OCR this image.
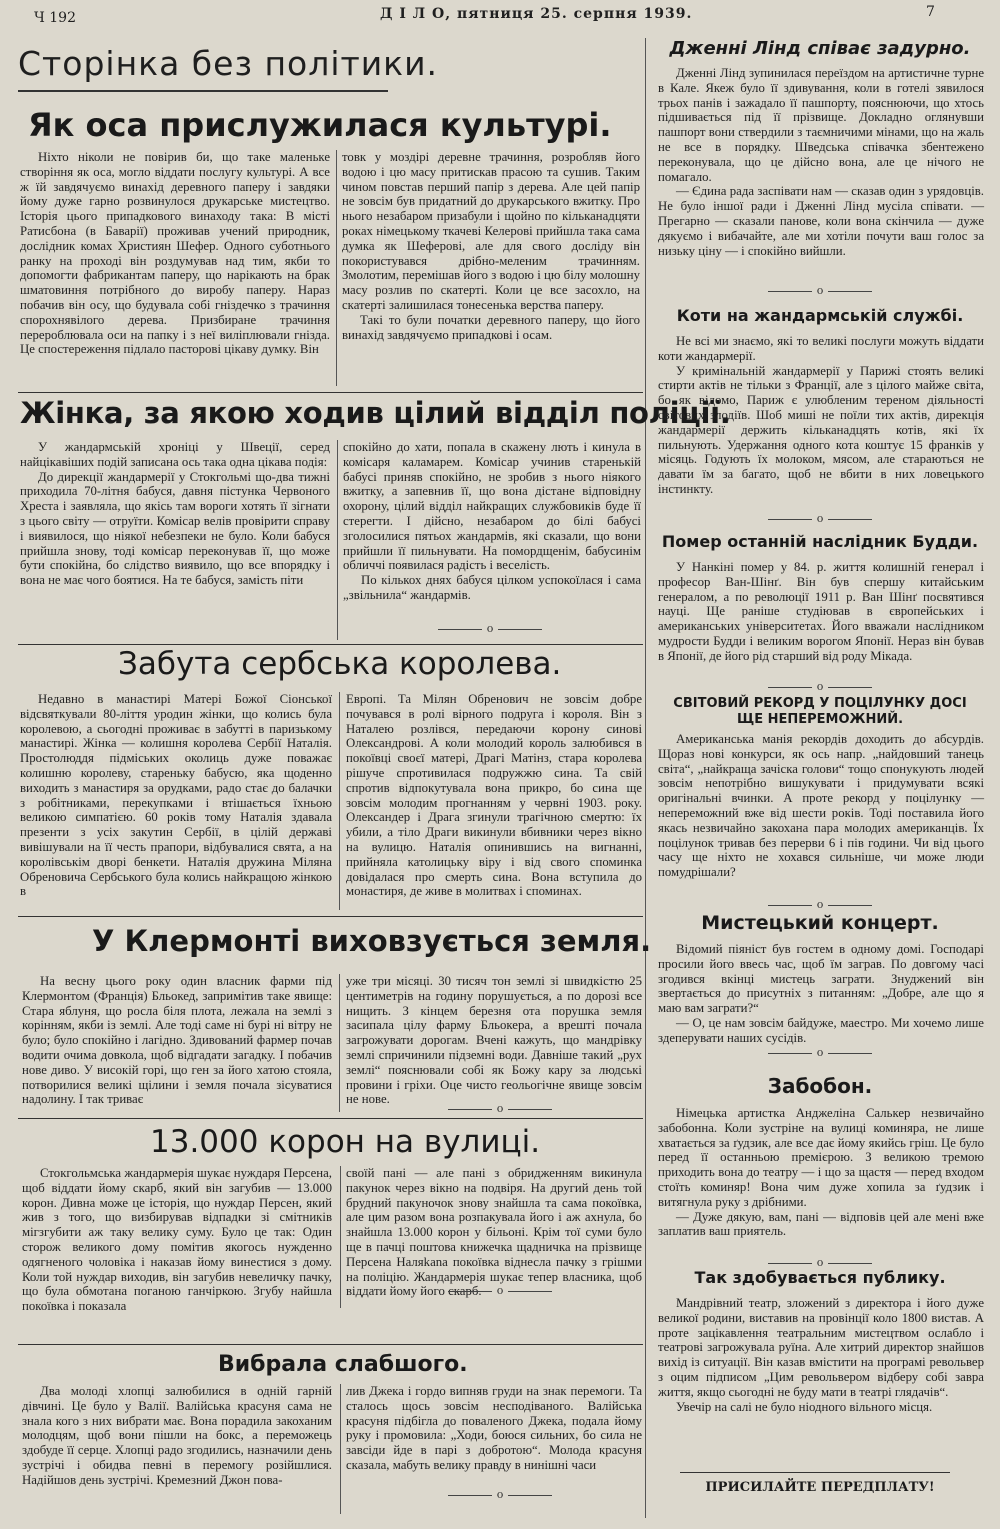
Ч 192	Д І Л О, пятниця 25. серпня 1939.	7
Сторінка без політики.
Як оса прислужилася культурі.

Ніхто ніколи не повірив би, що таке маленьке створіння як оса, могло віддати послугу культурі. А все ж їй завдячуємо винахід деревного паперу і завдяки йому дуже гарно розвинулося друкарське мистецтво. Історія цього припадкового винаходу така: В місті Ратисбона (в Баварії) проживав учений природник, дослідник комах Християн Шефер. Одного суботнього ранку на проході він роздумував над тим, якби то допомогти фабрикантам паперу, що нарікають на брак шматовиння потрібного до виробу паперу. Нараз побачив він осу, що будувала собі гніздечко з трачиння спорохнявілого дерева. Призбиране трачиння перероблювала оси на папку і з неї виліплювали гнізда. Це спостереження підлало пасторові цікаву думку. Він

товк у моздірі деревне трачиння, розробляв його водою і цю масу притискав прасою та сушив. Таким чином повстав перший папір з дерева. Але цей папір не зовсім був придатний до друкарського вжитку. Про нього незабаром призабули і щойно по кільканадцяти роках німецькому ткачеві Келерові прийшла така сама думка як Шеферові, але для свого досліду він покористувався дрібно-меленим трачинням. Змолотим, перемішав його з водою і цю білу молошну масу розлив по скатерті. Коли це все засохло, на скатерті залишилася тонесенька верства паперу.

Такі то були початки деревного паперу, що його винахід завдячуємо припадкові і осам.

Жінка, за якою ходив цілий відділ поліції.

У жандармській хроніці у Швеції, серед найцікавіших подій записана ось така одна цікава подія:

До дирекції жандармерії у Стокгольмі що-два тижні приходила 70-літня бабуся, давня пістунка Червоного Хреста і заявляла, що якісь там вороги хотять її зігнати з цього світу — отруїти. Комісар велів провірити справу і виявилося, що ніякої небезпеки не було. Коли бабуся прийшла знову, тоді комісар переконував її, що може бути спокійна, бо слідство виявило, що все впорядку і вона не має чого боятися. На те бабуся, замість піти

спокійно до хати, попала в скажену лють і кинула в комісаря каламарем. Комісар учинив старенькій бабусі приняв спокійно, не зробив з нього ніякого вжитку, а запевнив її, що вона дістане відповідну охорону, цілий відділ найкращих службовиків буде її стерегти. І дійсно, незабаром до білі бабусі зголосилися пятьох жандармів, які сказали, що вони прийшли її пильнувати. На помордщенім, бабусинім обличчі появилася радість і веселість.

По кількох днях бабуся цілком успокоїлася і сама „звільнила“ жандармів.

o
Забута сербська королева.

Недавно в манастирі Матері Божої Сіонської відсвяткували 80-ліття уродин жінки, що колись була королевою, а сьогодні проживає в забутті в паризькому манастирі. Жінка — колишня королева Сербії Наталія. Простолюддя підміських околиць дуже поважає колишню королеву, стареньку бабусю, яка щоденно виходить з манастиря за орудками, радо стає до балачки з робітниками, перекупками і втішається їхньою великою симпатією. 60 років тому Наталія здавала презенти з усіх закутин Сербії, в цілій державі вивішували на її честь прапори, відбувалися свята, а на королівськім дворі бенкети. Наталія дружина Міляна Обреновича Сербського була колись найкращою жінкою в

Европі. Та Мілян Обренович не зовсім добре почувався в ролі вірного подруга і короля. Він з Наталею розлівся, передаючи корону синові Олександрові. А коли молодий король залюбився в покоївці своєї матері, Драгі Матінз, стара королева рішуче спротивилася подружжю сина. Та свій спротив відпокутувала вона прикро, бо сина ще зовсім молодим прогнанням у червні 1903. року. Олександер і Драга згинули трагічною смертю: їх убили, а тіло Драги викинули вбивники через вікно на вулицю. Наталія опинившись на вигнанні, прийняла католицьку віру і від свого споминка довідалася про смерть сина. Вона вступила до монастиря, де живе в молитвах і споминах.

У Клермонті виховзується земля.

На весну цього року один власник фарми під Клермонтом (Франція) Бльокед, запримітив таке явище: Стара яблуня, що росла біля плота, лежала на землі з корінням, якби із землі. Але тоді саме ні бурі ні вітру не було; було спокійно і лагідно. Здивований фармер почав водити очима довкола, щоб відгадати загадку. І побачив нове диво. У високій горі, що ген за його хатою стояла, потворилися великі щілини і земля почала зісуватися надолину. І так триває

уже три місяці. 30 тисяч тон землі зі швидкістю 25 центиметрів на годину порушується, а по дорозі все нищить. З кінцем березня ота порушка земля засипала цілу фарму Бльокера, а врешті почала загрожувати дорогам. Вчені кажуть, що мандрівку землі спричинили підземні води. Давніше такий „рух землі“ пояснювали собі як Божу кару за людські провини і гріхи. Оце чисто геольогічне явище зовсім не нове.

o
13.000 корон на вулиці.

Стокгольмська жандармерія шукає нуждаря Персена, щоб віддати йому скарб, який він загубив — 13.000 корон. Дивна може це історія, що нуждар Персен, який жив з того, що визбирував відпадки зі смітників мігзгубити аж таку велику суму. Було це так: Один сторож великого дому помітив якогось нужденно одягненого чоловіка і наказав йому винестися з дому. Коли той нуждар виходив, він загубив невеличку пачку, що була обмотана поганою ганчіркою. Згубу найшла покоївка і показала

своїй пані — але пані з обридженням викинула пакунок через вікно на подвіря. На другий день той брудний пакуночок знову знайшла та сама покоївка, але цим разом вона розпакувала його і аж ахнула, бо знайшла 13.000 корон у більоні. Крім тої суми було ще в пачці поштова книжечка щадничка на прізвище Персена Наляkana покоївка віднесла пачку з грішми на поліцію. Жандармерія шукає тепер власника, щоб віддати йому його скарб.	o
Вибрала слабшого.

Два молоді хлопці залюбилися в одній гарній дівчині. Це було у Валії. Валійська красуня сама не знала кого з них вибрати має. Вона порадила закоханим молодцям, щоб вони пішли на бокс, а переможець здобуде її серце. Хлопці радо згодились, назначили день зустрічі і обидва певні в перемогу розійшлися. Надійшов день зустрічі. Кремезний Джон пова-

лив Джека і гордо випняв груди на знак перемоги. Та сталось щось зовсім несподіваного. Валійська красуня підбігла до поваленого Джека, подала йому руку і промовила: „Ходи, боюся сильних, бо сила не завсіди йде в парі з добротою“. Молода красуня сказала, мабуть велику правду в нинішні часи

o
Дженні Лінд співає задурно.

Дженні Лінд зупинилася переїздом на артистичне турне в Кале. Якеж було її здивування, коли в готелі зявилося трьох панів і зажадало її пашпорту, пояснюючи, що хтось підшивається під її прізвище. Докладно оглянувши пашпорт вони ствердили з таємничими мінами, що на жаль не все в порядку. Шведська співачка збентежено переконувала, що це дійсно вона, але це нічого не помагало.

— Єдина рада заспівати нам — сказав один з урядовців. Не було іншої ради і Дженні Лінд мусіла співати. — Прегарно — сказали панове, коли вона скінчила — дуже дякуємо і вибачайте, але ми хотіли почути ваш голос за низьку ціну — і спокійно вийшли.

o
Коти на жандармській службі.

Не всі ми знаємо, які то великі послуги можуть віддати коти жандармерії.

У кримінальній жандармерії у Парижі стоять великі стирти актів не тільки з Франції, але з цілого майже світа, бо як відомо, Париж є улюбленим тереном діяльності світових злодіїв. Шоб миші не поїли тих актів, дирекція жандармерії держить кільканадцять котів, які їх пильнують. Удержання одного кота коштує 15 франків у місяць. Годують їх молоком, мясом, але стараються не давати їм за багато, щоб не вбити в них ловецького інстинкту.

o
Помер останній наслідник Будди.

У Нанкіні помер у 84. р. життя колишній генерал і професор Ван-Шінґ. Він був спершу китайським генералом, а по революції 1911 р. Ван Шінґ посвятився науці. Ще раніше студіював в європейських і американських університетах. Його вважали наслідником мудрости Будди і великим ворогом Японії. Нераз він бував в Японії, де його рід старший від роду Мікада.

o
СВІТОВИЙ РЕКОРД У ПОЦІЛУНКУ ДОСІ ЩЕ НЕПЕРЕМОЖНИЙ.

Американська манія рекордів доходить до абсурдів. Щораз нові конкурси, як ось напр. „найдовший танець світа“, „найкраща зачіска голови“ тощо спонукують людей зовсім непотрібно вишукувати і придумувати всякі оригінальні вчинки. А проте рекорд у поцілунку — непереможний вже від шести років. Тоді поставила його якась незвичайно закохана пара молодих американців. Їх поцілунок тривав без перерви 6 і пів години. Чи від цього часу ще ніхто не хохався сильніше, чи може люди помудрішали?

o
Мистецький концерт.

Відомий піяніст був гостем в одному домі. Господарі просили його ввесь час, щоб їм заграв. По довгому часі згодився вкінці мистець заграти. Знуджений він звертається до присутніх з питанням: „Добре, але що я маю вам заграти?“

— О, це нам зовсім байдуже, маестро. Ми хочемо лише здеперувати наших сусідів.

o
Забобон.

Німецька артистка Анджеліна Салькер незвичайно забобонна. Коли зустріне на вулиці коминяра, не лише хватається за ґудзик, але все дає йому якийсь гріш. Це було перед її останньою премієрою. З великою тремою приходить вона до театру — і що за щастя — перед входом стоїть коминяр! Вона чим дуже хопила за ґудзик і витягнула руку з дрібними.

— Дуже дякую, вам, пані — відповів цей але мені вже заплатив ваш приятель.

o
Так здобувається публику.

Мандрівний театр, зложений з директора і його дуже великої родини, виставив на провінції коло 1800 вистав. А проте зацікавлення театральним мистецтвом ослабло і театрові загрожувала руїна. Але хитрий директор знайшов вихід із ситуації. Він казав вмістити на програмі револьвер з оцим підписом „Цим револьвером відберу собі завра життя, якщо сьогодні не буду мати в театрі глядачів“.

Увечір на салі не було ніодного вільного місця.

ПРИСИЛАЙТЕ ПЕРЕДПЛАТУ!
